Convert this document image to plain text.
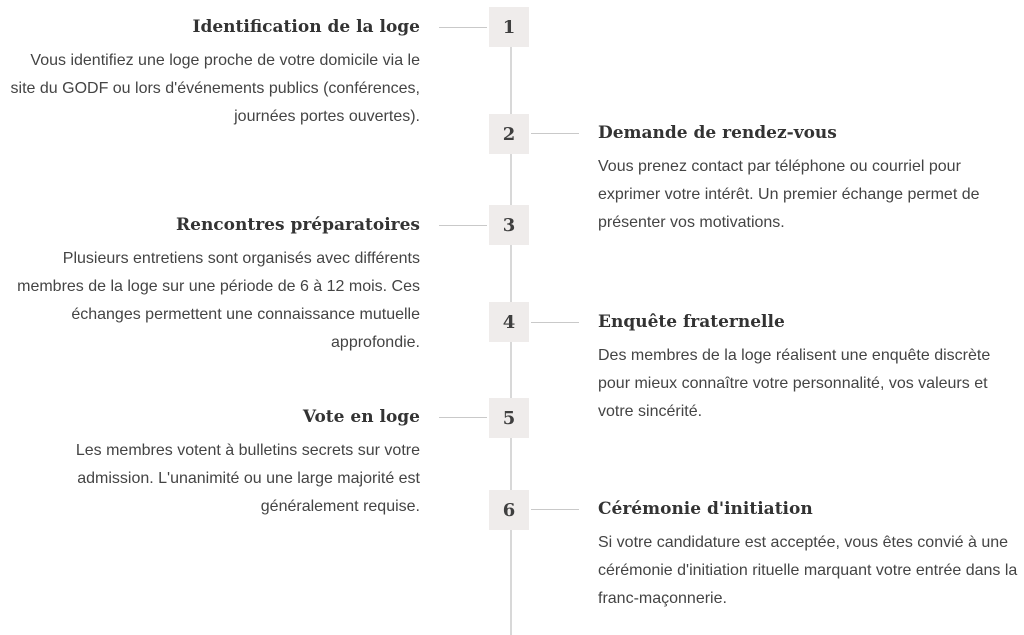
1
Identification de la loge

Vous identifiez une loge proche de votre domicile via le site du GODF ou lors d'événements publics (conférences, journées portes ouvertes).

2	Demande de rendez-vous

Vous prenez contact par téléphone ou courriel pour exprimer votre intérêt. Un premier échange permet de présenter vos motivations.

3
Rencontres préparatoires

Plusieurs entretiens sont organisés avec différents membres de la loge sur une période de 6 à 12 mois. Ces échanges permettent une connaissance mutuelle approfondie.

4	Enquête fraternelle

Des membres de la loge réalisent une enquête discrète pour mieux connaître votre personnalité, vos valeurs et votre sincérité.

5
Vote en loge

Les membres votent à bulletins secrets sur votre admission. L'unanimité ou une large majorité est généralement requise.	6	Cérémonie d'initiation

Si votre candidature est acceptée, vous êtes convié à une cérémonie d'initiation rituelle marquant votre entrée dans la franc-maçonnerie.
